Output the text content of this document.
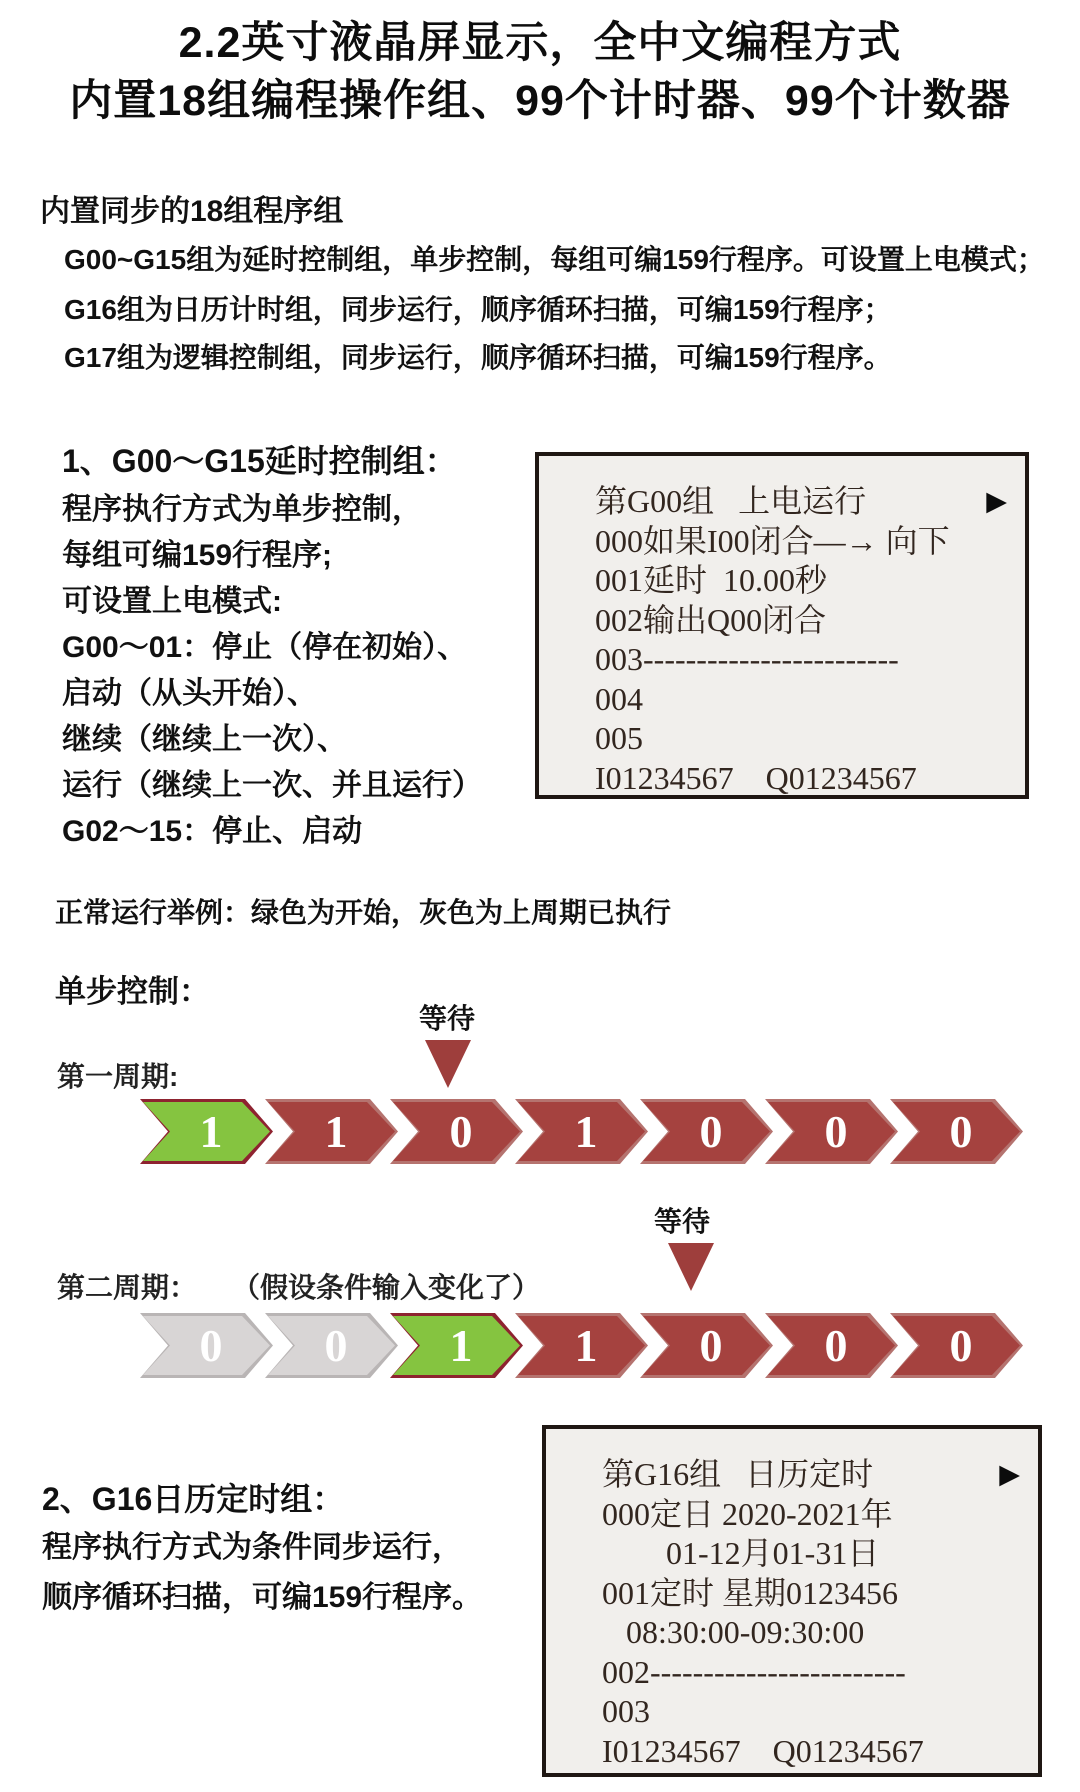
2.2英寸液晶屏显示，全中文编程方式
内置18组编程操作组、99个计时器、99个计数器
内置同步的18组程序组
G00~G15组为延时控制组，单步控制，每组可编159行程序。可设置上电模式；
G16组为日历计时组，同步运行，顺序循环扫描，可编159行程序；
G17组为逻辑控制组，同步运行，顺序循环扫描，可编159行程序。
1、G00～G15延时控制组：
程序执行方式为单步控制，
每组可编159行程序;
可设置上电模式:
G00～01：停止（停在初始）、
启动（从头开始）、
继续（继续上一次）、
运行（继续上一次、并且运行）
G02～15：停止、启动
第G00组   上电运行	▶
000如果I00闭合—→ 向下
001延时  10.00秒
002输出Q00闭合
003------------------------
004
005
I01234567    Q01234567
正常运行举例：绿色为开始，灰色为上周期已执行
单步控制：
等待
第一周期:
1	1	0	1	0	0	0
等待
第二周期： （假设条件输入变化了）
0	0	1	1	0	0	0
2、G16日历定时组：
程序执行方式为条件同步运行，
顺序循环扫描，可编159行程序。
第G16组   日历定时	▶
000定日 2020-2021年
01-12月01-31日
001定时 星期0123456
08:30:00-09:30:00
002------------------------
003
I01234567    Q01234567
